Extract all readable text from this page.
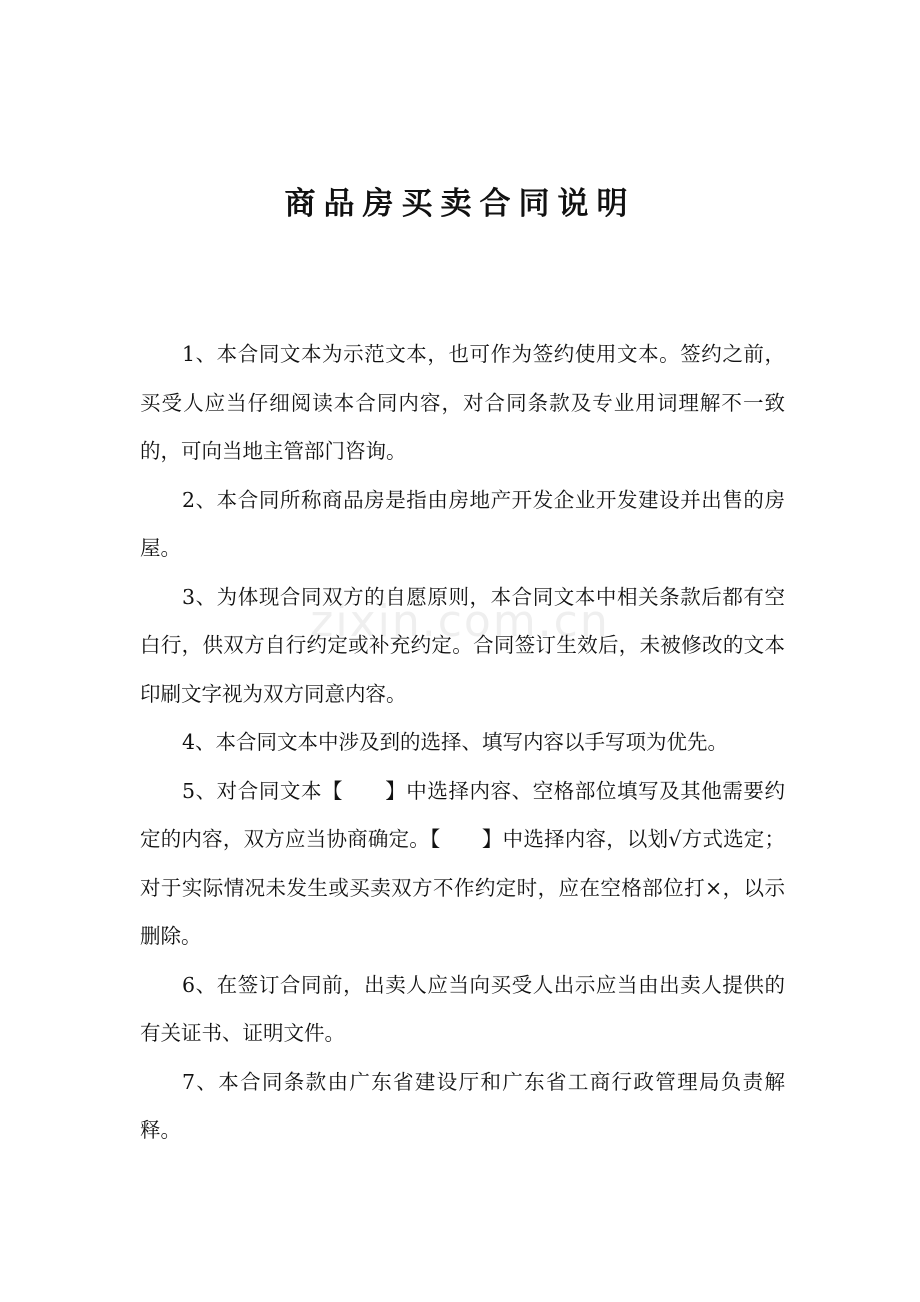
zixin.com.cn
商品房买卖合同说明

1、本合同文本为示范文本，也可作为签约使用文本。签约之前，买受人应当仔细阅读本合同内容，对合同条款及专业用词理解不一致的，可向当地主管部门咨询。

2、本合同所称商品房是指由房地产开发企业开发建设并出售的房屋。

3、为体现合同双方的自愿原则，本合同文本中相关条款后都有空白行，供双方自行约定或补充约定。合同签订生效后，未被修改的文本印刷文字视为双方同意内容。

4、本合同文本中涉及到的选择、填写内容以手写项为优先。

5、对合同文本【　　】中选择内容、空格部位填写及其他需要约定的内容，双方应当协商确定。【　　】中选择内容，以划√方式选定；对于实际情况未发生或买卖双方不作约定时，应在空格部位打×，以示删除。

6、在签订合同前，出卖人应当向买受人出示应当由出卖人提供的有关证书、证明文件。

7、本合同条款由广东省建设厅和广东省工商行政管理局负责解释。
